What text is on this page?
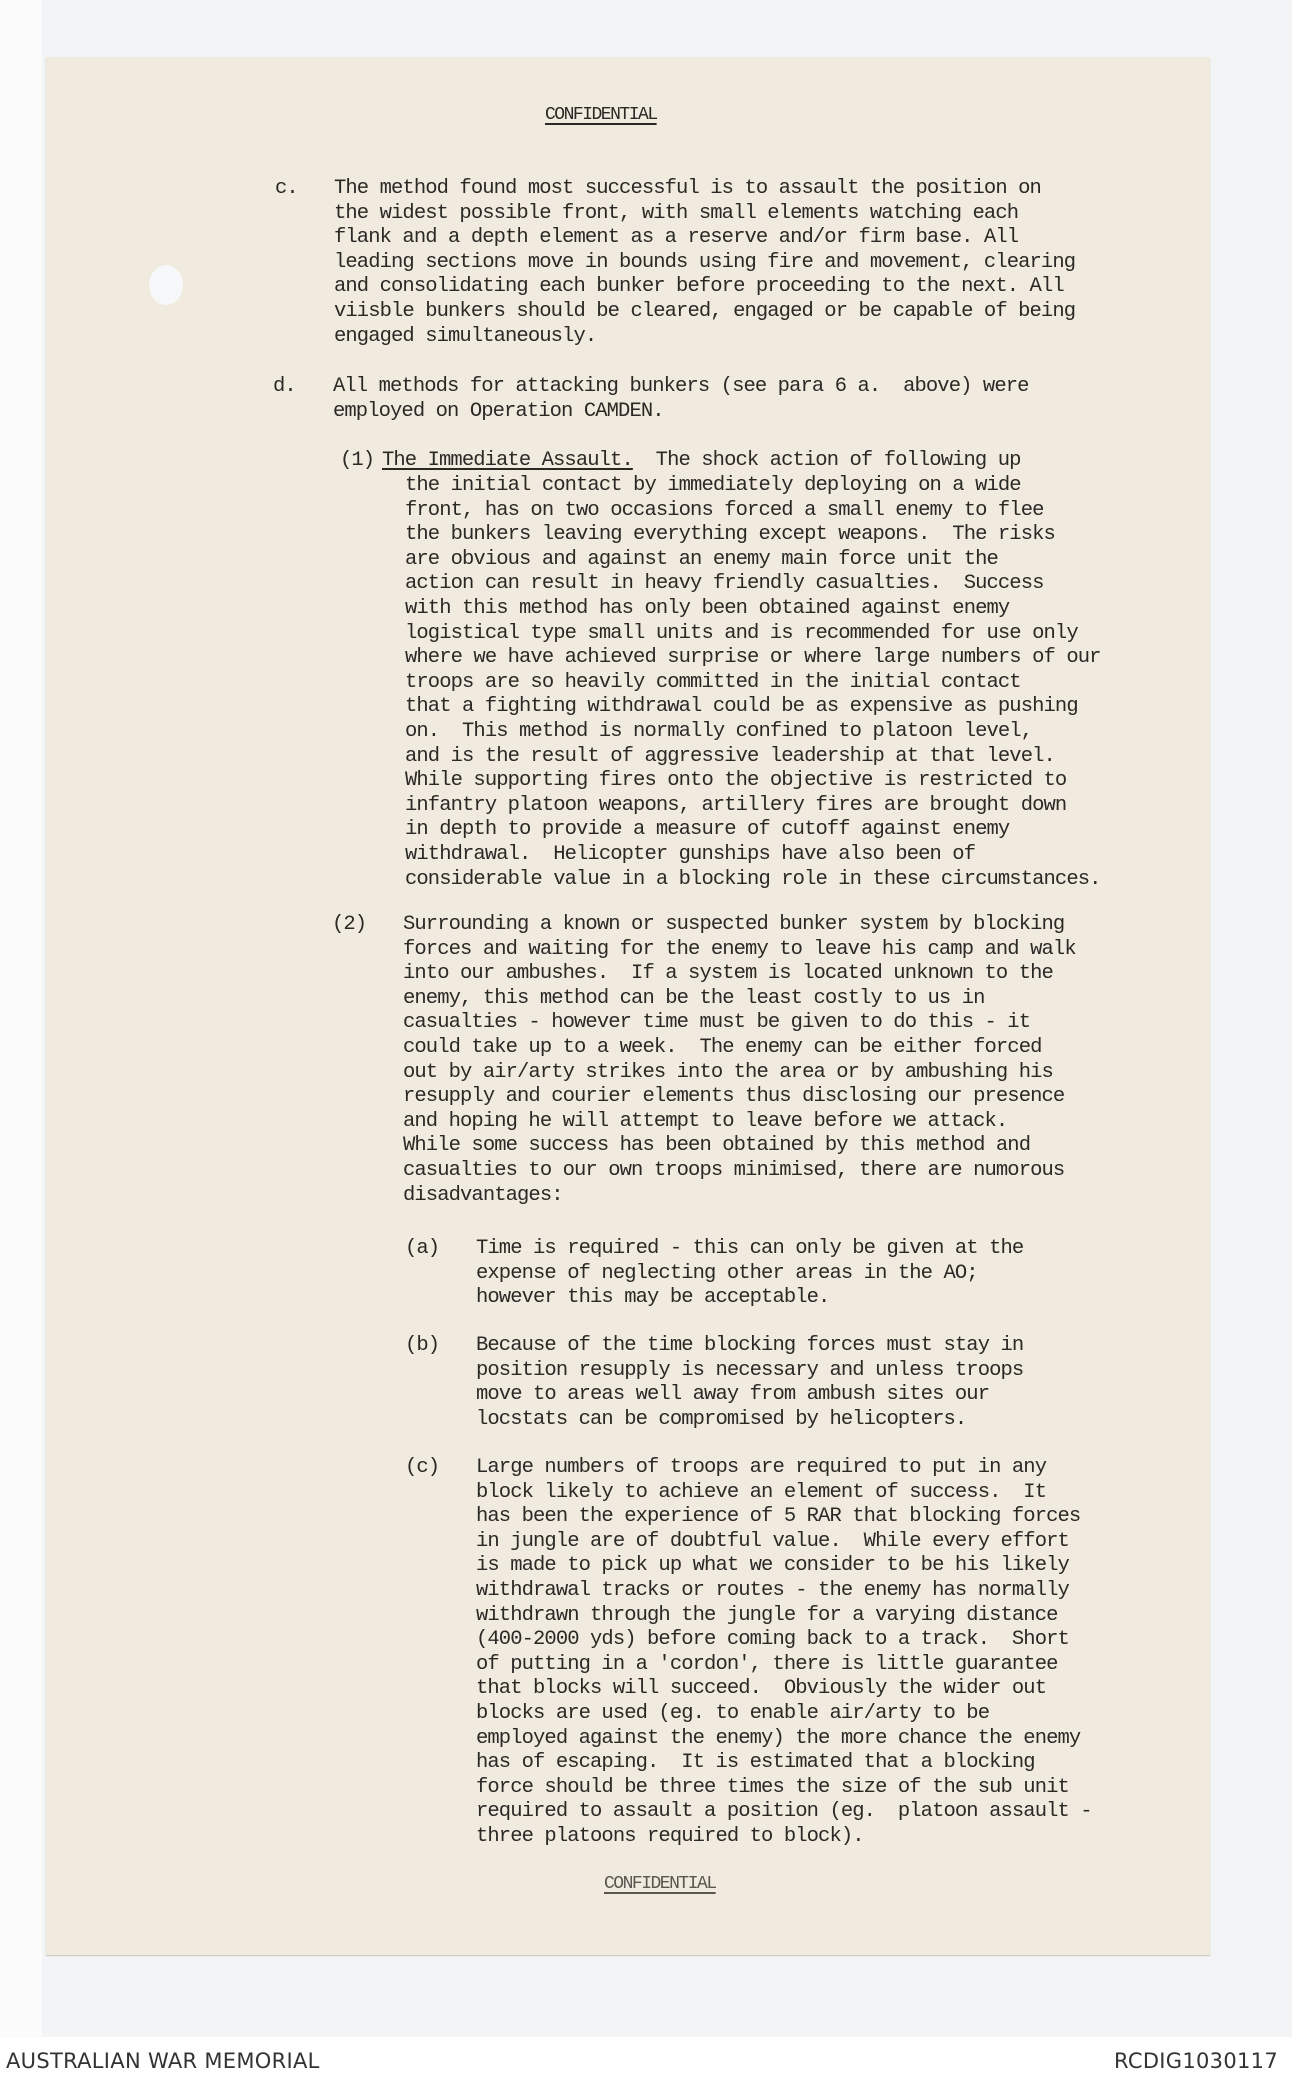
CONFIDENTIAL
c. The method found most successful is to assault the position on
the widest possible front, with small elements watching each
flank and a depth element as a reserve and/or firm base. All
leading sections move in bounds using fire and movement, clearing
and consolidating each bunker before proceeding to the next. All
viisble bunkers should be cleared, engaged or be capable of being
engaged simultaneously.
d. All methods for attacking bunkers (see para 6 a.  above) were
employed on Operation CAMDEN.
(1) The Immediate Assault.  The shock action of following up
the initial contact by immediately deploying on a wide
front, has on two occasions forced a small enemy to flee
the bunkers leaving everything except weapons.  The risks
are obvious and against an enemy main force unit the
action can result in heavy friendly casualties.  Success
with this method has only been obtained against enemy
logistical type small units and is recommended for use only
where we have achieved surprise or where large numbers of our
troops are so heavily committed in the initial contact
that a fighting withdrawal could be as expensive as pushing
on.  This method is normally confined to platoon level,
and is the result of aggressive leadership at that level.
While supporting fires onto the objective is restricted to
infantry platoon weapons, artillery fires are brought down
in depth to provide a measure of cutoff against enemy
withdrawal.  Helicopter gunships have also been of
considerable value in a blocking role in these circumstances.
(2) Surrounding a known or suspected bunker system by blocking
forces and waiting for the enemy to leave his camp and walk
into our ambushes.  If a system is located unknown to the
enemy, this method can be the least costly to us in
casualties - however time must be given to do this - it
could take up to a week.  The enemy can be either forced
out by air/arty strikes into the area or by ambushing his
resupply and courier elements thus disclosing our presence
and hoping he will attempt to leave before we attack.
While some success has been obtained by this method and
casualties to our own troops minimised, there are numorous
disadvantages:
(a) Time is required - this can only be given at the
expense of neglecting other areas in the AO;
however this may be acceptable.
(b) Because of the time blocking forces must stay in
position resupply is necessary and unless troops
move to areas well away from ambush sites our
locstats can be compromised by helicopters.
(c) Large numbers of troops are required to put in any
block likely to achieve an element of success.  It
has been the experience of 5 RAR that blocking forces
in jungle are of doubtful value.  While every effort
is made to pick up what we consider to be his likely
withdrawal tracks or routes - the enemy has normally
withdrawn through the jungle for a varying distance
(400-2000 yds) before coming back to a track.  Short
of putting in a 'cordon', there is little guarantee
that blocks will succeed.  Obviously the wider out
blocks are used (eg. to enable air/arty to be
employed against the enemy) the more chance the enemy
has of escaping.  It is estimated that a blocking
force should be three times the size of the sub unit
required to assault a position (eg.  platoon assault -
three platoons required to block).
CONFIDENTIAL
AUSTRALIAN WAR MEMORIAL	RCDIG1030117
